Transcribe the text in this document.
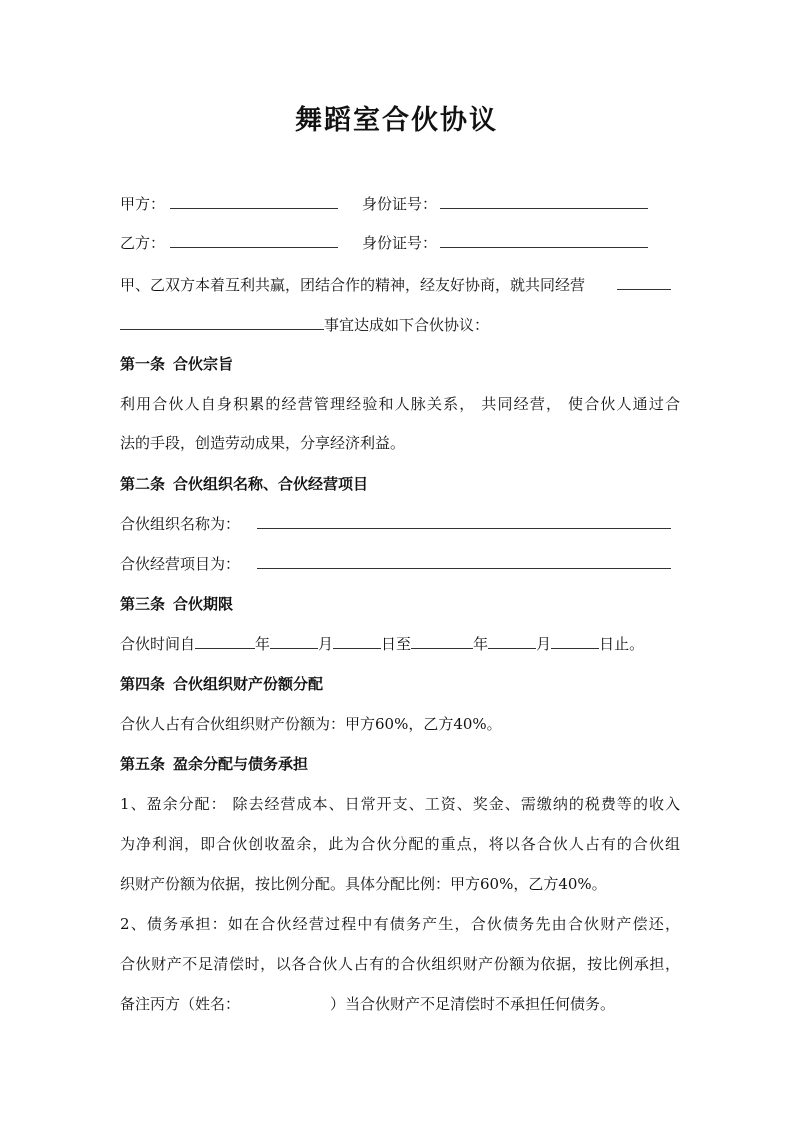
舞蹈室合伙协议
甲方：	身份证号：
乙方：	身份证号：
甲、乙双方本着互利共赢，团结合作的精神，经友好协商，就共同经营
事宜达成如下合伙协议：
第一条 合伙宗旨
利用合伙人自身积累的经营管理经验和人脉关系， 共同经营， 使合伙人通过合
法的手段，创造劳动成果，分享经济利益。
第二条 合伙组织名称、合伙经营项目
合伙组织名称为：
合伙经营项目为：
第三条 合伙期限
合伙时间自	年	月	日至	年	月	日止。
第四条 合伙组织财产份额分配
合伙人占有合伙组织财产份额为：甲方60%，乙方40%。
第五条 盈余分配与债务承担
1、盈余分配： 除去经营成本、日常开支、工资、奖金、需缴纳的税费等的收入
为净利润，即合伙创收盈余，此为合伙分配的重点，将以各合伙人占有的合伙组
织财产份额为依据，按比例分配。具体分配比例：甲方60%，乙方40%。
2、债务承担：如在合伙经营过程中有债务产生，合伙债务先由合伙财产偿还，
合伙财产不足清偿时，以各合伙人占有的合伙组织财产份额为依据，按比例承担，
备注丙方（姓名：	）当合伙财产不足清偿时不承担任何债务。
